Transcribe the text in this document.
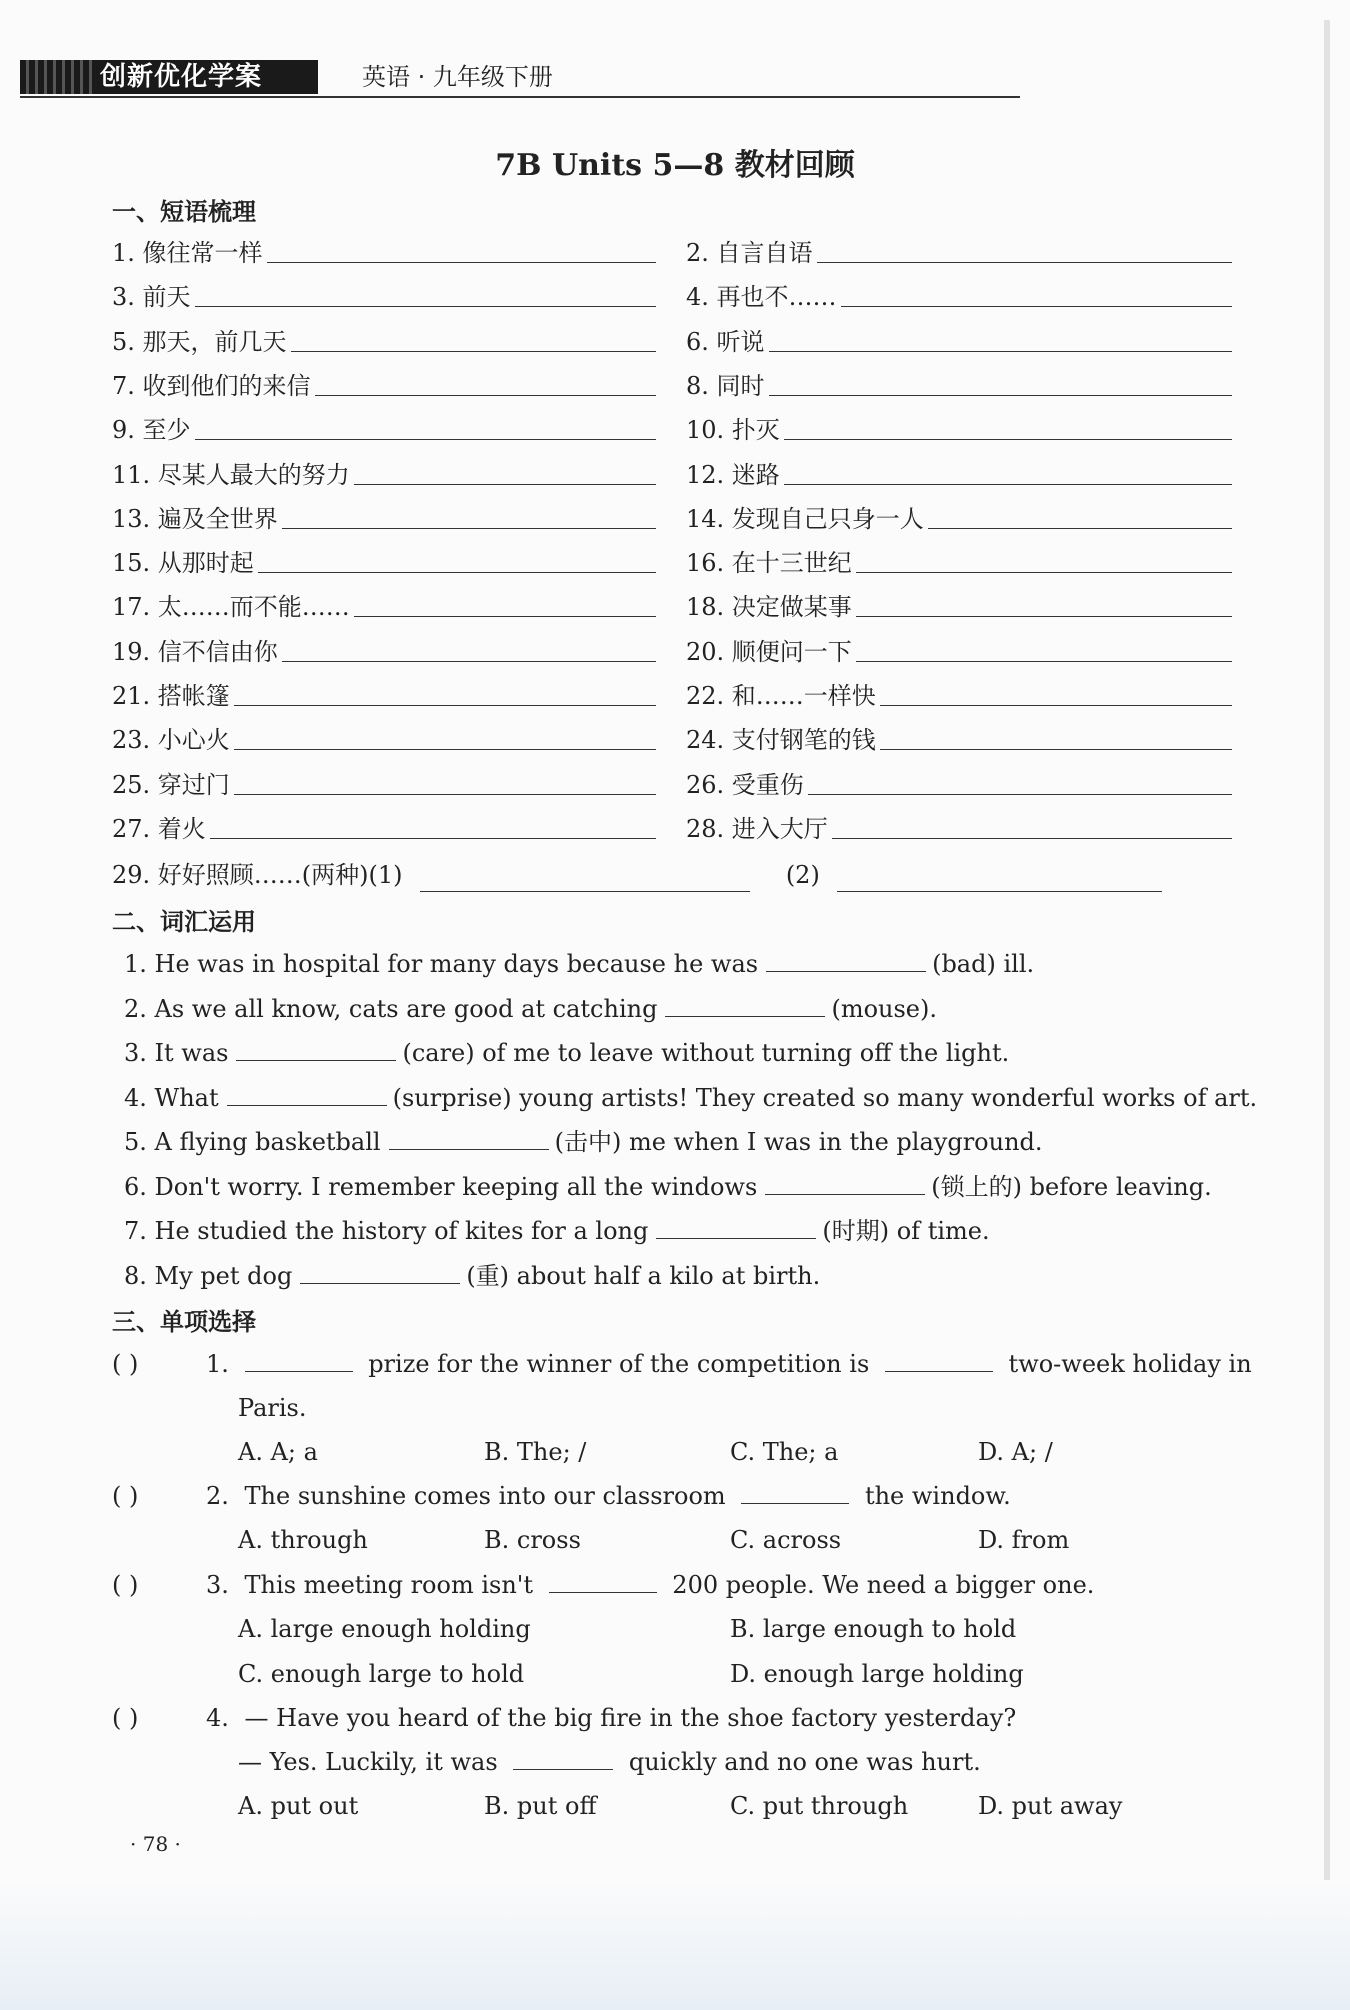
创新优化学案	英语 · 九年级下册
7B Units 5—8 教材回顾
一、短语梳理
1. 像往常一样	2. 自言自语
3. 前天	4. 再也不……
5. 那天，前几天	6. 听说
7. 收到他们的来信	8. 同时
9. 至少	10. 扑灭
11. 尽某人最大的努力	12. 迷路
13. 遍及全世界	14. 发现自己只身一人
15. 从那时起	16. 在十三世纪
17. 太……而不能……	18. 决定做某事
19. 信不信由你	20. 顺便问一下
21. 搭帐篷	22. 和……一样快
23. 小心火	24. 支付钢笔的钱
25. 穿过门	26. 受重伤
27. 着火	28. 进入大厅
29. 好好照顾……(两种)(1)	(2)
二、词汇运用
1. He was in hospital for many days because he was	(bad) ill.
2. As we all know, cats are good at catching	(mouse).
3. It was	(care) of me to leave without turning off the light.
4. What	(surprise) young artists! They created so many wonderful works of art.
5. A flying basketball	(击中) me when I was in the playground.
6. Don't worry. I remember keeping all the windows	(锁上的) before leaving.
7. He studied the history of kites for a long	(时期) of time.
8. My pet dog	(重) about half a kilo at birth.
三、单项选择
( )	1.	prize for the winner of the competition is	two-week holiday in
Paris.
A. A; a	B. The; /	C. The; a	D. A; /
( )	2. The sunshine comes into our classroom	the window.
A. through	B. cross	C. across	D. from
( )	3. This meeting room isn't	200 people. We need a bigger one.
A. large enough holding	B. large enough to hold
C. enough large to hold	D. enough large holding
( )	4. — Have you heard of the big fire in the shoe factory yesterday?
— Yes. Luckily, it was	quickly and no one was hurt.
A. put out	B. put off	C. put through	D. put away
· 78 ·
